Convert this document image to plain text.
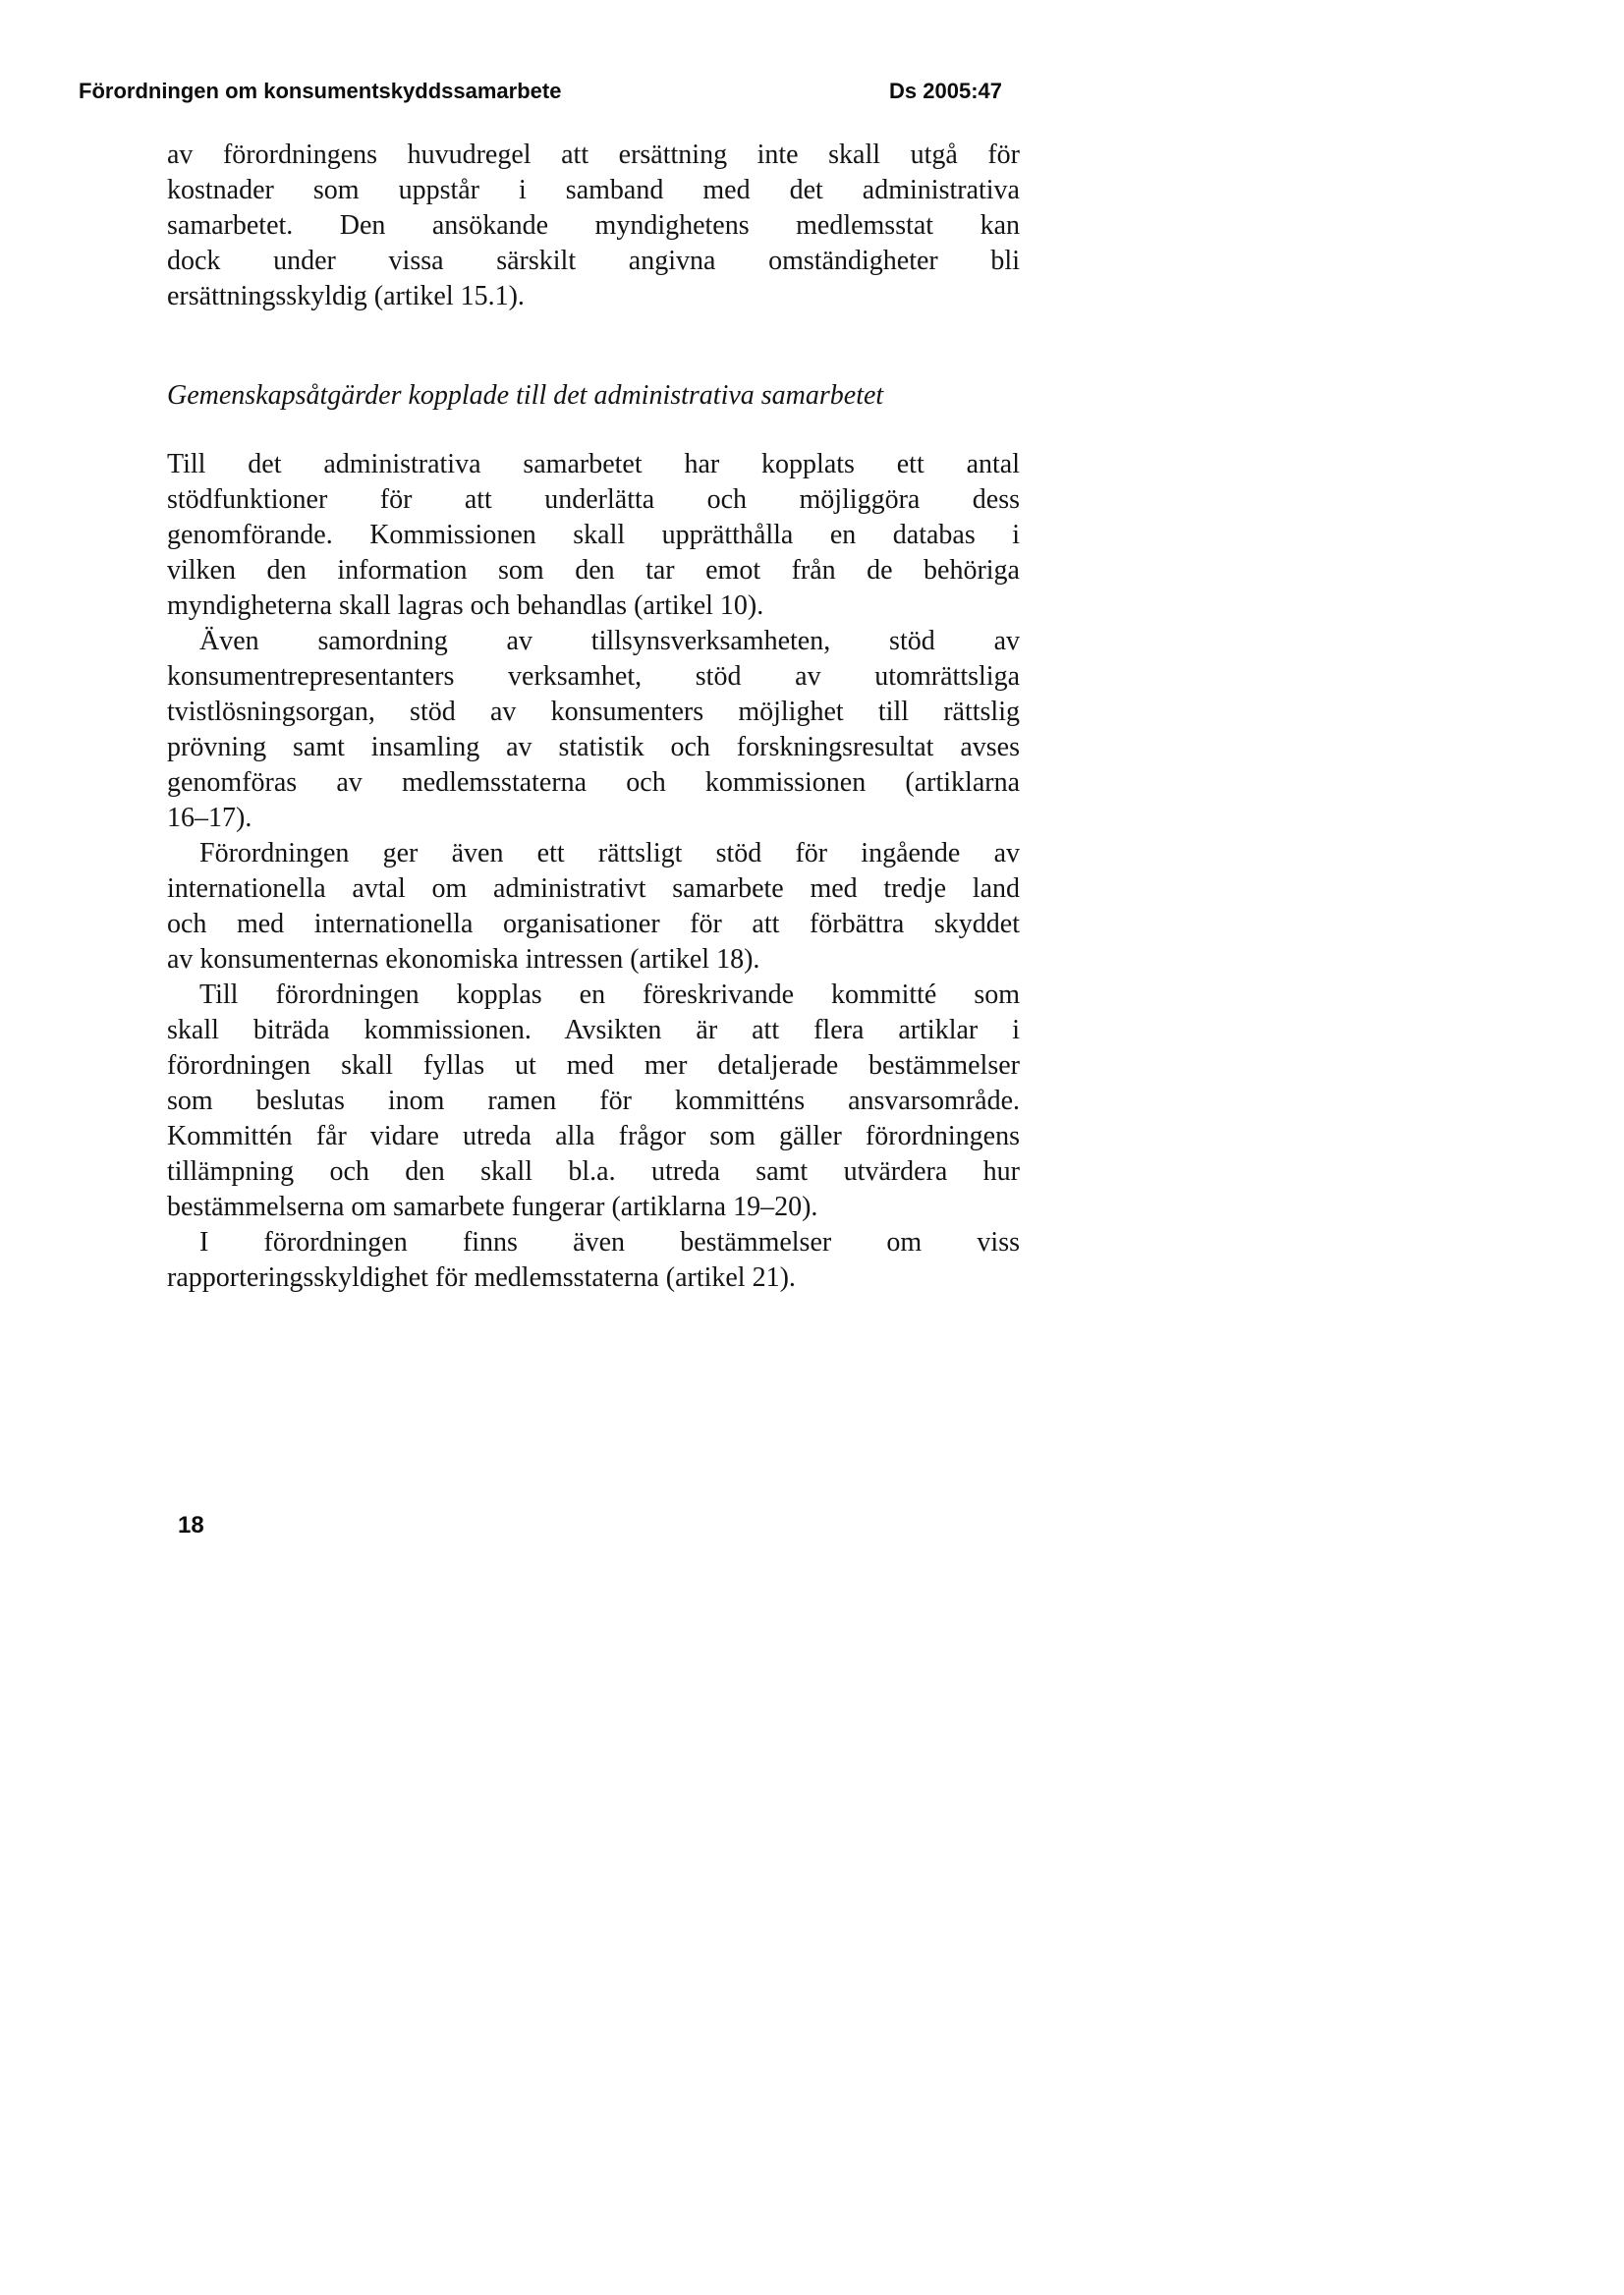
Förordningen om konsumentskyddssamarbete	Ds 2005:47
av förordningens huvudregel att ersättning inte skall utgå för
kostnader som uppstår i samband med det administrativa
samarbetet. Den ansökande myndighetens medlemsstat kan
dock under vissa särskilt angivna omständigheter bli
ersättningsskyldig (artikel 15.1).
Gemenskapsåtgärder kopplade till det administrativa samarbetet
Till det administrativa samarbetet har kopplats ett antal
stödfunktioner för att underlätta och möjliggöra dess
genomförande. Kommissionen skall upprätthålla en databas i
vilken den information som den tar emot från de behöriga
myndigheterna skall lagras och behandlas (artikel 10).
Även samordning av tillsynsverksamheten, stöd av
konsumentrepresentanters verksamhet, stöd av utomrättsliga
tvistlösningsorgan, stöd av konsumenters möjlighet till rättslig
prövning samt insamling av statistik och forskningsresultat avses
genomföras av medlemsstaterna och kommissionen (artiklarna
16–17).
Förordningen ger även ett rättsligt stöd för ingående av
internationella avtal om administrativt samarbete med tredje land
och med internationella organisationer för att förbättra skyddet
av konsumenternas ekonomiska intressen (artikel 18).
Till förordningen kopplas en föreskrivande kommitté som
skall biträda kommissionen. Avsikten är att flera artiklar i
förordningen skall fyllas ut med mer detaljerade bestämmelser
som beslutas inom ramen för kommitténs ansvarsområde.
Kommittén får vidare utreda alla frågor som gäller förordningens
tillämpning och den skall bl.a. utreda samt utvärdera hur
bestämmelserna om samarbete fungerar (artiklarna 19–20).
I förordningen finns även bestämmelser om viss
rapporteringsskyldighet för medlemsstaterna (artikel 21).
18
